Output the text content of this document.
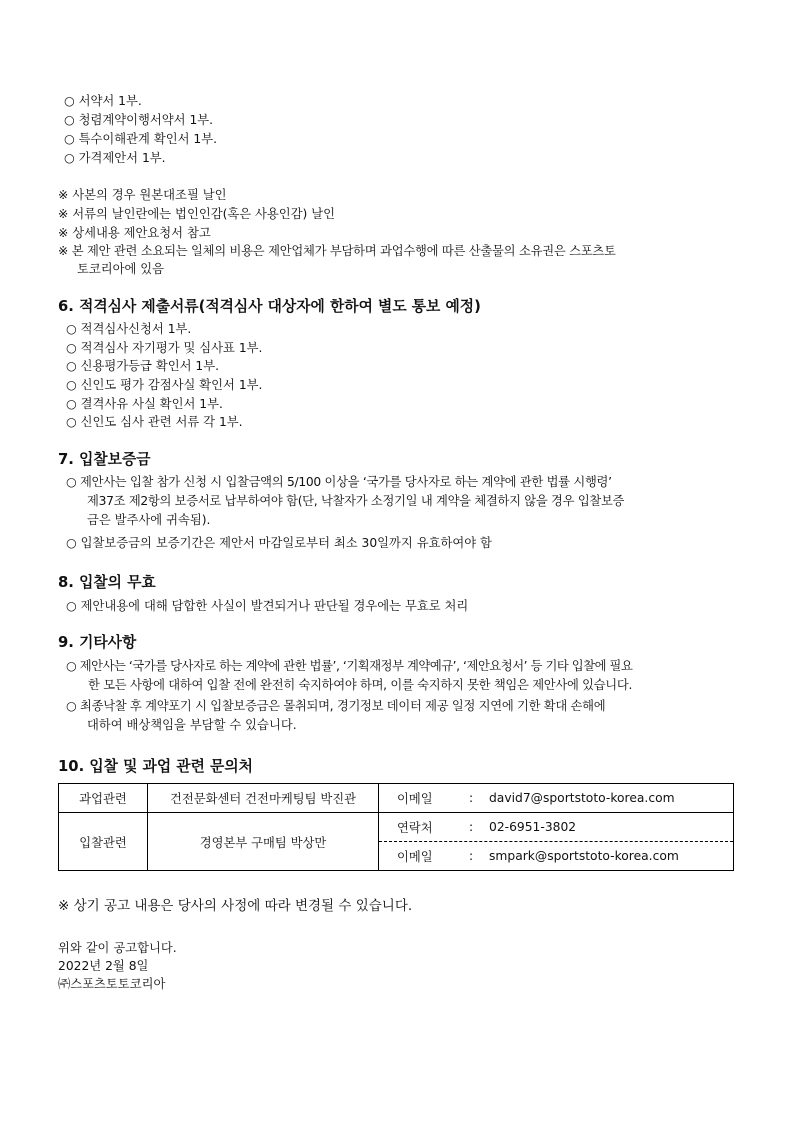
○ 서약서 1부.
○ 청렴계약이행서약서 1부.
○ 특수이해관계 확인서 1부.
○ 가격제안서 1부.
※ 사본의 경우 원본대조필 날인
※ 서류의 날인란에는 법인인감(혹은 사용인감) 날인
※ 상세내용 제안요청서 참고
※ 본 제안 관련 소요되는 일체의 비용은 제안업체가 부담하며 과업수행에 따른 산출물의 소유권은 스포츠토
토코리아에 있음
6. 적격심사 제출서류(적격심사 대상자에 한하여 별도 통보 예정)
○ 적격심사신청서 1부.
○ 적격심사 자기평가 및 심사표 1부.
○ 신용평가등급 확인서 1부.
○ 신인도 평가 감점사실 확인서 1부.
○ 결격사유 사실 확인서 1부.
○ 신인도 심사 관련 서류 각 1부.
7. 입찰보증금
○ 제안사는 입찰 참가 신청 시 입찰금액의 5/100 이상을 ‘국가를 당사자로 하는 계약에 관한 법률 시행령’
제37조 제2항의 보증서로 납부하여야 함(단, 낙찰자가 소정기일 내 계약을 체결하지 않을 경우 입찰보증
금은 발주사에 귀속됨).
○ 입찰보증금의 보증기간은 제안서 마감일로부터 최소 30일까지 유효하여야 함
8. 입찰의 무효
○ 제안내용에 대해 담합한 사실이 발견되거나 판단될 경우에는 무효로 처리
9. 기타사항
○ 제안사는 ‘국가를 당사자로 하는 계약에 관한 법률’, ‘기획재정부 계약예규’, ‘제안요청서’ 등 기타 입찰에 필요
한 모든 사항에 대하여 입찰 전에 완전히 숙지하여야 하며, 이를 숙지하지 못한 책임은 제안사에 있습니다.
○ 최종낙찰 후 계약포기 시 입찰보증금은 몰취되며, 경기정보 데이터 제공 일정 지연에 기한 확대 손해에
대하여 배상책임을 부담할 수 있습니다.
10. 입찰 및 과업 관련 문의처
과업관련	건전문화센터 건전마케팅팀 박진관	이메일 : david7@sportstoto-korea.com

입찰관련	경영본부 구매팀 박상만	연락처 : 02-6951-3802

		이메일 : smpark@sportstoto-korea.com
※ 상기 공고 내용은 당사의 사정에 따라 변경될 수 있습니다.
위와 같이 공고합니다.
2022년 2월 8일
㈜스포츠토토코리아
